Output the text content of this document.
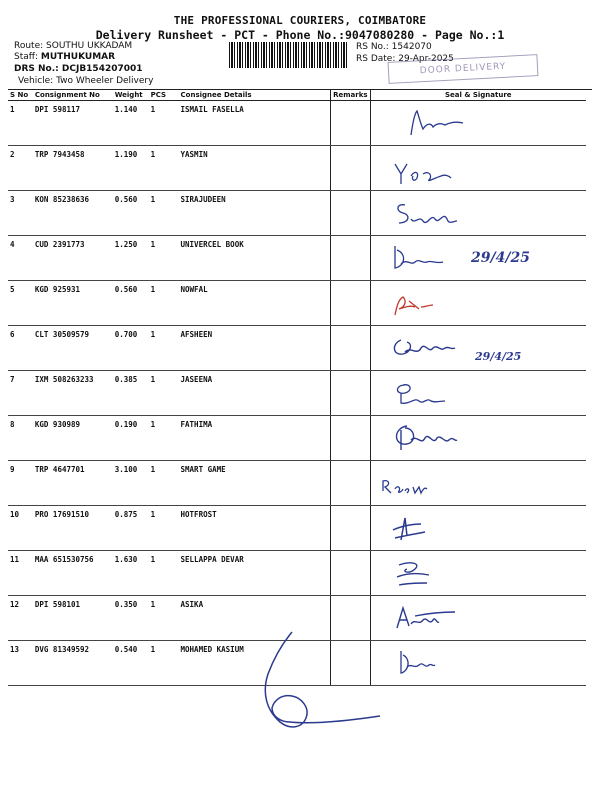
THE PROFESSIONAL COURIERS, COIMBATORE
Delivery Runsheet - PCT - Phone No.:9047080280 - Page No.:1
Route: SOUTHU UKKADAM
Staff: MUTHUKUMAR
DRS No.: DCJB154207001
Vehicle: Two Wheeler Delivery
RS No.: 1542070
RS Date: 29-Apr-2025
DOOR DELIVERY
S No	Consignment No	Weight	PCS	Consignee Details	Remarks	Seal & Signature
1	DPI 598117	1.140	1	ISMAIL FASELLA		

2	TRP 7943458	1.190	1	YASMIN		

3	KON 85238636	0.560	1	SIRAJUDEEN		

4	CUD 2391773	1.250	1	UNIVERCEL BOOK		29/4/25

5	KGD 925931	0.560	1	NOWFAL		

6	CLT 30509579	0.700	1	AFSHEEN		29/4/25

7	IXM 508263233	0.385	1	JASEENA		

8	KGD 930989	0.190	1	FATHIMA		

9	TRP 4647701	3.100	1	SMART GAME		

10	PRO 17691510	0.875	1	HOTFROST		

11	MAA 651530756	1.630	1	SELLAPPA DEVAR		

12	DPI 598101	0.350	1	ASIKA		

13	DVG 81349592	0.540	1	MOHAMED KASIUM		
